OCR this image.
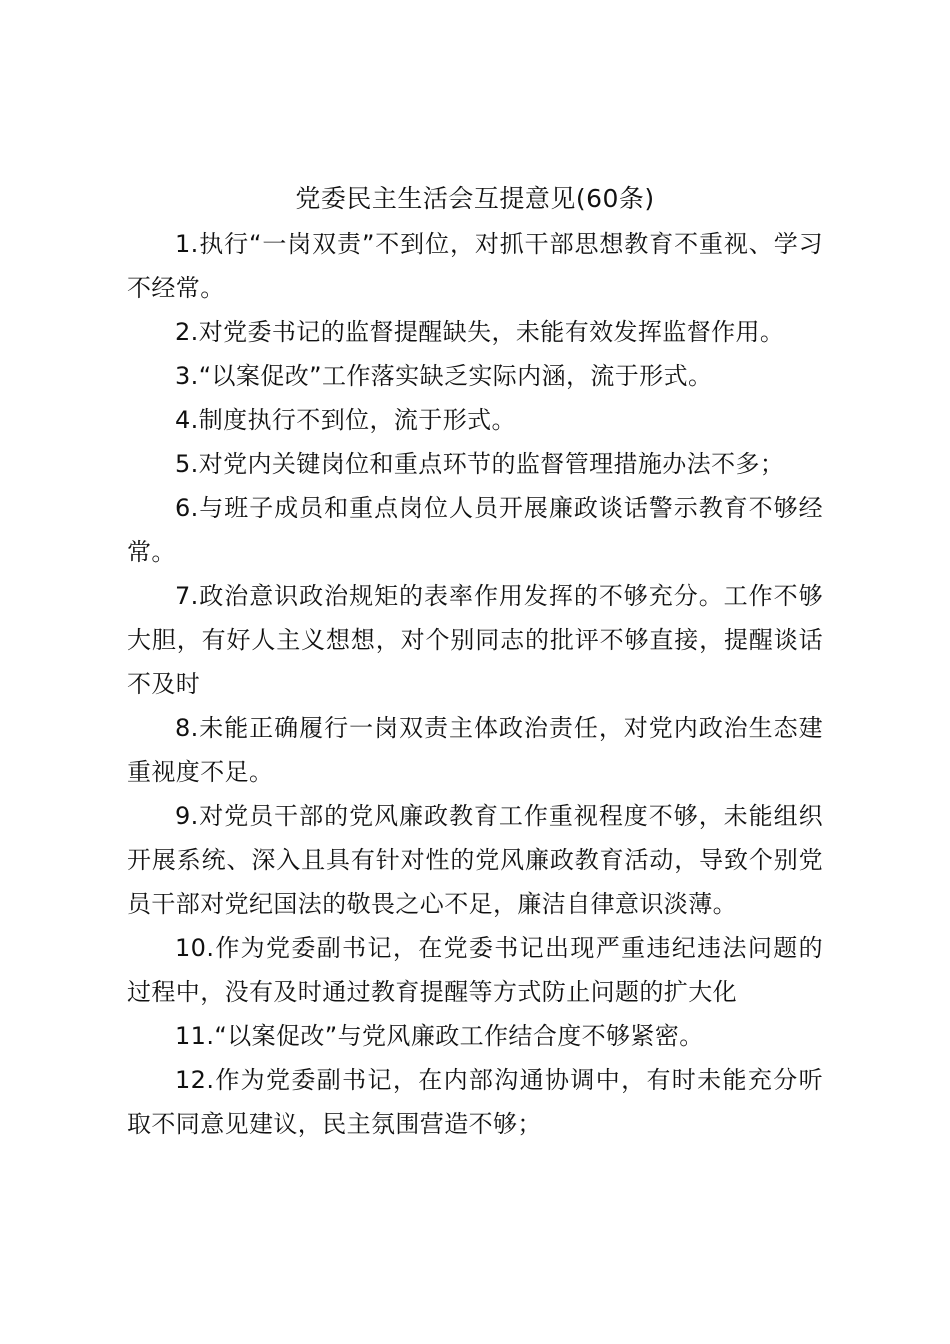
党委民主生活会互提意见(60条)

1.执行“一岗双责”不到位，对抓干部思想教育不重视、学习不经常。

2.对党委书记的监督提醒缺失，未能有效发挥监督作用。

3.“以案促改”工作落实缺乏实际内涵，流于形式。

4.制度执行不到位，流于形式。

5.对党内关键岗位和重点环节的监督管理措施办法不多；

6.与班子成员和重点岗位人员开展廉政谈话警示教育不够经常。

7.政治意识政治规矩的表率作用发挥的不够充分。工作不够大胆，有好人主义想想，对个别同志的批评不够直接，提醒谈话不及时

8.未能正确履行一岗双责主体政治责任，对党内政治生态建重视度不足。

9.对党员干部的党风廉政教育工作重视程度不够，未能组织开展系统、深入且具有针对性的党风廉政教育活动，导致个别党员干部对党纪国法的敬畏之心不足，廉洁自律意识淡薄。

10.作为党委副书记，在党委书记出现严重违纪违法问题的过程中，没有及时通过教育提醒等方式防止问题的扩大化

11.“以案促改”与党风廉政工作结合度不够紧密。

12.作为党委副书记，在内部沟通协调中，有时未能充分听取不同意见建议，民主氛围营造不够；
